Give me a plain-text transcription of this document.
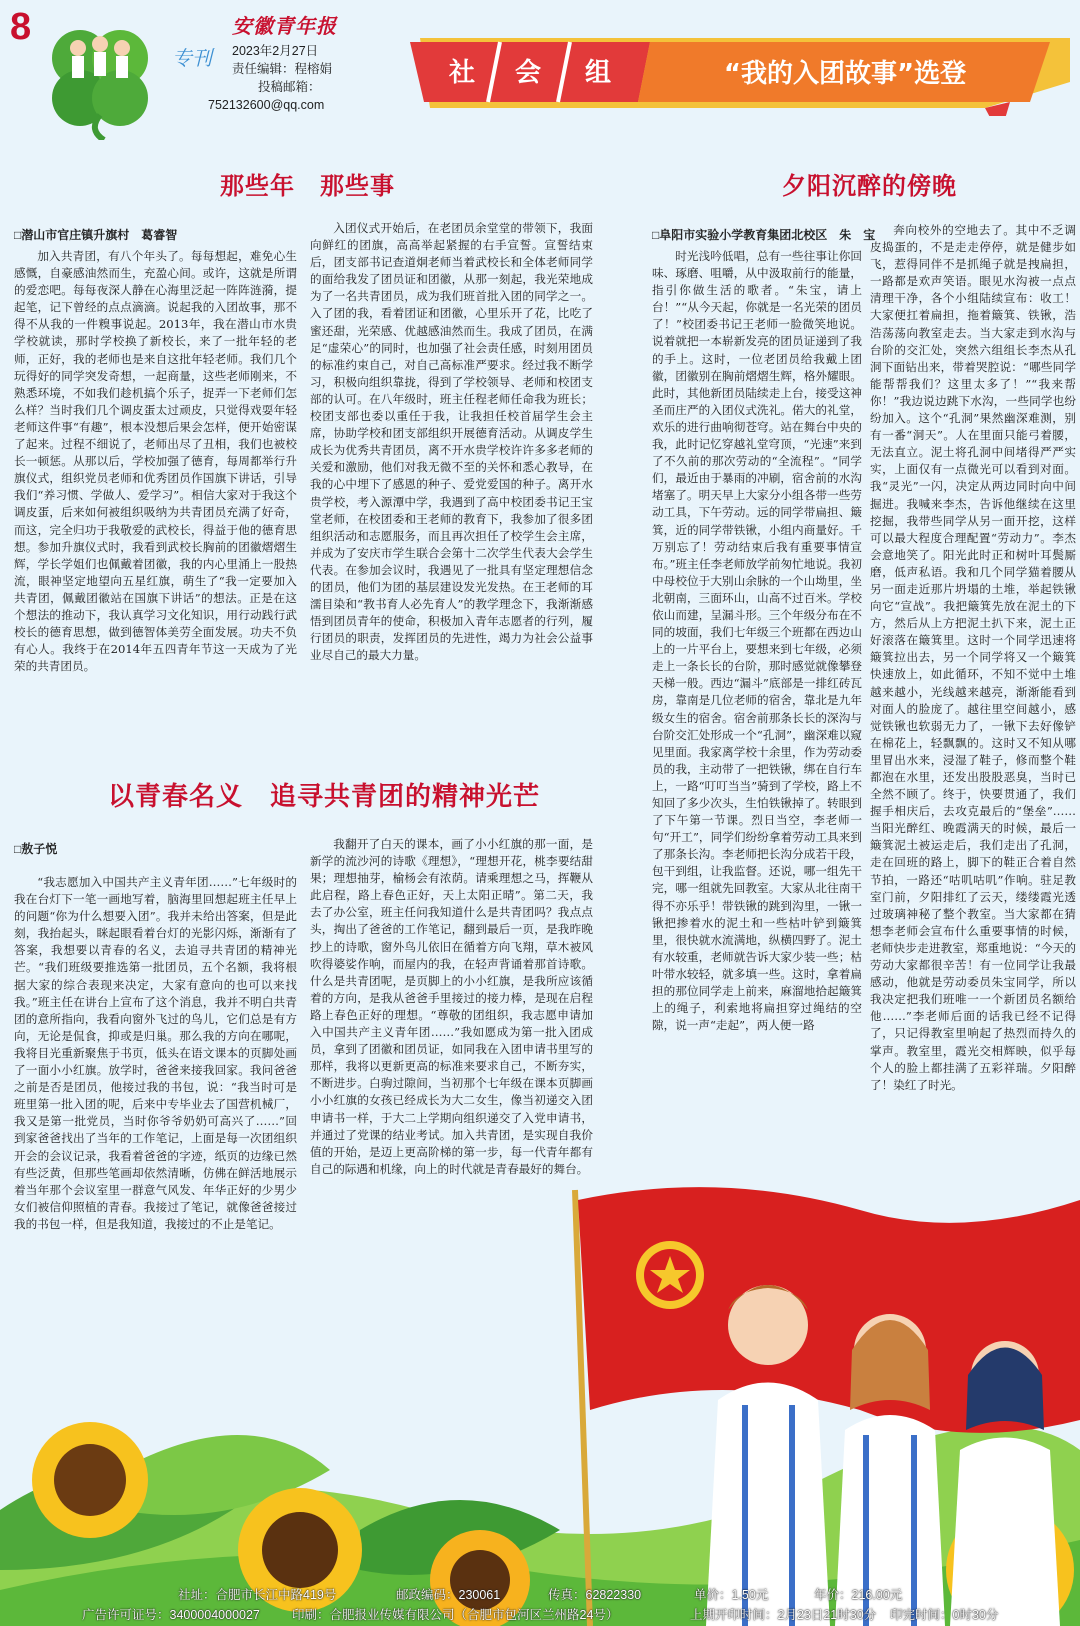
8
专刊
安徽青年报
2023年2月27日
责任编辑：程榕娟
投稿邮箱：
752132600@qq.com
社	会	组	“我的入团故事”选登
那些年　那些事
□潜山市官庄镇升旗村　葛睿智
加入共青团，有八个年头了。每每想起，难免心生感慨，自豪感油然而生，充盈心间。或许，这就是所谓的爱恋吧。每每夜深人静在心海里泛起一阵阵涟漪，提起笔，记下曾经的点点滴滴。说起我的入团故事，那不得不从我的一件糗事说起。2013年，我在潜山市水贵学校就读，那时学校换了新校长，来了一批年轻的老师，正好，我的老师也是来自这批年轻老师。我们几个玩得好的同学突发奇想，一起商量，这些老师刚来，不熟悉环境，不如我们趁机搞个乐子，捉弄一下老师们怎么样？当时我们几个调皮蛋太过顽皮，只觉得戏耍年轻老师这件事“有趣”，根本没想后果会怎样，便开始密谋了起来。过程不细说了，老师出尽了丑相，我们也被校长一顿惩。从那以后，学校加强了德育，每周都举行升旗仪式，组织党员老师和优秀团员作国旗下讲话，引导我们“养习惯、学做人、爱学习”。相信大家对于我这个调皮蛋，后来如何被组织吸纳为共青团员充满了好奇，而这，完全归功于我敬爱的武校长，得益于他的德育思想。参加升旗仪式时，我看到武校长胸前的团徽熠熠生辉，学长学姐们也佩戴着团徽，我的内心里涌上一股热流，眼神坚定地望向五星红旗，萌生了“我一定要加入共青团，佩戴团徽站在国旗下讲话”的想法。正是在这个想法的推动下，我认真学习文化知识，用行动践行武校长的德育思想，做到德智体美劳全面发展。功夫不负有心人。我终于在2014年五四青年节这一天成为了光荣的共青团员。
入团仪式开始后，在老团员余堂堂的带领下，我面向鲜红的团旗，高高举起紧握的右手宣誓。宣誓结束后，团支部书记查道炯老师当着武校长和全体老师同学的面给我发了团员证和团徽，从那一刻起，我光荣地成为了一名共青团员，成为我们班首批入团的同学之一。入了团的我，看着团证和团徽，心里乐开了花，比吃了蜜还甜，光荣感、优越感油然而生。我成了团员，在满足“虚荣心”的同时，也加强了社会责任感，时刻用团员的标准约束自己，对自己高标准严要求。经过我不断学习，积极向组织靠拢，得到了学校领导、老师和校团支部的认可。在八年级时，班主任程老师任命我为班长；校团支部也委以重任于我，让我担任校首届学生会主席，协助学校和团支部组织开展德育活动。从调皮学生成长为优秀共青团员，离不开水贵学校许许多多老师的关爱和激励，他们对我无微不至的关怀和悉心教导，在我的心中埋下了感恩的种子、爱党爱国的种子。离开水贵学校，考入源潭中学，我遇到了高中校团委书记王宝堂老师，在校团委和王老师的教育下，我参加了很多团组织活动和志愿服务，而且再次担任了校学生会主席，并成为了安庆市学生联合会第十二次学生代表大会学生代表。在参加会议时，我遇见了一批具有坚定理想信念的团员，他们为团的基层建设发光发热。在王老师的耳濡目染和“教书育人必先育人”的教学理念下，我渐渐感悟到团员青年的使命，积极加入青年志愿者的行列，履行团员的职责，发挥团员的先进性，竭力为社会公益事业尽自己的最大力量。
以青春名义　追寻共青团的精神光芒
□敖子悦
“我志愿加入中国共产主义青年团……”七年级时的我在台灯下一笔一画地写着，脑海里回想起班主任早上的问题“你为什么想要入团”。我并未给出答案，但是此刻，我抬起头，眯起眼看着台灯的光影闪烁，渐渐有了答案，我想要以青春的名义，去追寻共青团的精神光芒。“我们班级要推选第一批团员，五个名额，我将根据大家的综合表现来决定，大家有意向的也可以来找我。”班主任在讲台上宣布了这个消息，我并不明白共青团的意所指向，我看向窗外飞过的鸟儿，它们总是有方向，无论是侃食，抑或是归巢。那么我的方向在哪呢，我将目光重新聚焦于书页，低头在语文课本的页脚处画了一面小小红旗。放学时，爸爸来接我回家。我问爸爸之前是否是团员，他接过我的书包，说：“我当时可是班里第一批入团的呢，后来中专毕业去了国营机械厂，我又是第一批党员，当时你爷爷奶奶可高兴了……”回到家爸爸找出了当年的工作笔记，上面是每一次团组织开会的会议记录，我看着爸爸的字迹，纸页的边缘已然有些泛黄，但那些笔画却依然清晰，仿佛在鲜活地展示着当年那个会议室里一群意气风发、年华正好的少男少女们被信仰照植的青春。我接过了笔记，就像爸爸接过我的书包一样，但是我知道，我接过的不止是笔记。
我翻开了白天的课本，画了小小红旗的那一面，是新学的流沙河的诗歌《理想》，“理想开花，桃李要结甜果；理想抽芽，榆杨会有浓荫。请乘理想之马，挥鞭从此启程，路上春色正好，天上太阳正晴”。第二天，我去了办公室，班主任问我知道什么是共青团吗？我点点头，掏出了爸爸的工作笔记，翻到最后一页，是我昨晚抄上的诗歌，窗外鸟儿依旧在循着方向飞翔，草木被风吹得婆娑作响，而屋内的我，在轻声背诵着那首诗歌。什么是共青团呢，是页脚上的小小红旗，是我所应该循着的方向，是我从爸爸手里接过的接力棒，是现在启程路上春色正好的理想。“尊敬的团组织，我志愿申请加入中国共产主义青年团……”我如愿成为第一批入团成员，拿到了团徽和团员证，如同我在入团申请书里写的那样，我将以更新更高的标准来要求自己，不断夯实，不断进步。白驹过隙间，当初那个七年级在课本页脚画小小红旗的女孩已经成长为大二女生，像当初递交入团申请书一样，于大二上学期向组织递交了入党申请书，并通过了党课的结业考试。加入共青团，是实现自我价值的开始，是迈上更高阶梯的第一步，每一代青年都有自己的际遇和机缘，向上的时代就是青春最好的舞台。
夕阳沉醉的傍晚
□阜阳市实验小学教育集团北校区　朱　宝
时光浅吟低唱，总有一些往事让你回味、琢磨、咀嚼，从中汲取前行的能量，指引你做生活的歌者。“朱宝，请上台！”“从今天起，你就是一名光荣的团员了！”校团委书记王老师一脸微笑地说。说着就把一本崭新发亮的团员证递到了我的手上。这时，一位老团员给我戴上团徽，团徽别在胸前熠熠生辉，格外耀眼。此时，其他新团员陆续走上台，接受这神圣而庄严的入团仪式洗礼。偌大的礼堂，欢乐的进行曲响彻苍穹。站在舞台中央的我，此时记忆穿越礼堂穹顶，“光速”来到了不久前的那次劳动的“全流程”。“同学们，最近由于暴雨的冲刷，宿舍前的水沟堵塞了。明天早上大家分小组各带一些劳动工具，下午劳动。远的同学带扁担、簸箕，近的同学带铁锹，小组内商量好。千万别忘了！劳动结束后我有重要事情宣布。”班主任李老师放学前匆忙地说。我初中母校位于大别山余脉的一个山坳里，坐北朝南，三面环山，山高不过百米。学校依山而建，呈漏斗形。三个年级分布在不同的坡面，我们七年级三个班都在西边山上的一片平台上，要想来到七年级，必须走上一条长长的台阶，那时感觉就像攀登天梯一般。西边“漏斗”底部是一排红砖瓦房，靠南是几位老师的宿舍，靠北是九年级女生的宿舍。宿舍前那条长长的深沟与台阶交汇处形成一个“孔洞”，幽深难以窥见里面。我家离学校十余里，作为劳动委员的我，主动带了一把铁锹，绑在自行车上，一路“叮叮当当”骑到了学校，路上不知回了多少次头，生怕铁锹掉了。转眼到了下午第一节课。烈日当空，李老师一句“开工”，同学们纷纷拿着劳动工具来到了那条长沟。李老师把长沟分成若干段，包干到组，让我监督。还说，哪一组先干完，哪一组就先回教室。大家从北往南干得不亦乐乎！带铁锹的跳到沟里，一锹一锹把掺着水的泥土和一些枯叶铲到簸箕里，很快就水流满地，纵横四野了。泥土有水较重，老师就告诉大家少装一些；枯叶带水较轻，就多填一些。这时，拿着扁担的那位同学走上前来，麻溜地拾起簸箕上的绳子，利索地将扁担穿过绳结的空隙，说一声“走起”，两人便一路
奔向校外的空地去了。其中不乏调皮捣蛋的，不是走走停停，就是健步如飞，惹得同伴不是抓绳子就是拽扁担，一路都是欢声笑语。眼见水沟被一点点清理干净，各个小组陆续宣布：收工！大家便扛着扁担，拖着簸箕、铁锹，浩浩荡荡向教室走去。当大家走到水沟与台阶的交汇处，突然六组组长李杰从孔洞下面钻出来，带着哭腔说：“哪些同学能帮帮我们？这里太多了！”“我来帮你！”我边说边跳下水沟，一些同学也纷纷加入。这个“孔洞”果然幽深难测，别有一番“洞天”。人在里面只能弓着腰，无法直立。泥土将孔洞中间堵得严严实实，上面仅有一点微光可以看到对面。我“灵光”一闪，决定从两边同时向中间掘进。我喊来李杰，告诉他继续在这里挖掘，我带些同学从另一面开挖，这样可以最大程度合理配置“劳动力”。李杰会意地笑了。阳光此时正和树叶耳鬓厮磨，低声私语。我和几个同学猫着腰从另一面走近那片坍塌的土堆，举起铁锹向它“宣战”。我把簸箕先放在泥土的下方，然后从上方把泥土扒下来，泥土正好滚落在簸箕里。这时一个同学迅速将簸箕拉出去，另一个同学将又一个簸箕快速放上，如此循环，不知不觉中土堆越来越小，光线越来越亮，渐渐能看到对面人的脸庞了。越往里空间越小，感觉铁锹也软弱无力了，一锹下去好像铲在棉花上，轻飘飘的。这时又不知从哪里冒出水来，浸湿了鞋子，修而整个鞋都泡在水里，还发出股股恶臭，当时已全然不顾了。终于，快要贯通了，我们握手相庆后，去攻克最后的“堡垒”……当阳光醉红、晚霞满天的时候，最后一簸箕泥土被运走后，我们走出了孔洞，走在回班的路上，脚下的鞋正合着自然节拍，一路还“咕叽咕叽”作响。驻足教室门前，夕阳排红了云天，缕缕霞光透过玻璃神秘了整个教室。当大家都在猜想李老师会宣布什么重要事情的时候，老师快步走进教室，郑重地说：“今天的劳动大家都很辛苦！有一位同学让我最感动，他就是劳动委员朱宝同学，所以我决定把我们班唯一一个新团员名额给他……”李老师后面的话我已经不记得了，只记得教室里响起了热烈而持久的掌声。教室里，霞光交相辉映，似乎每个人的脸上都挂满了五彩祥瑞。夕阳醉了！染红了时光。
社址：合肥市长江中路419号	邮政编码：230061	传真：62822330	单价：1.50元	年价：216.00元
广告许可证号：3400004000027	印刷：合肥报业传媒有限公司（合肥市包河区兰州路24号）	上期开印时间：2月23日21时30分 印完时间：0时30分
